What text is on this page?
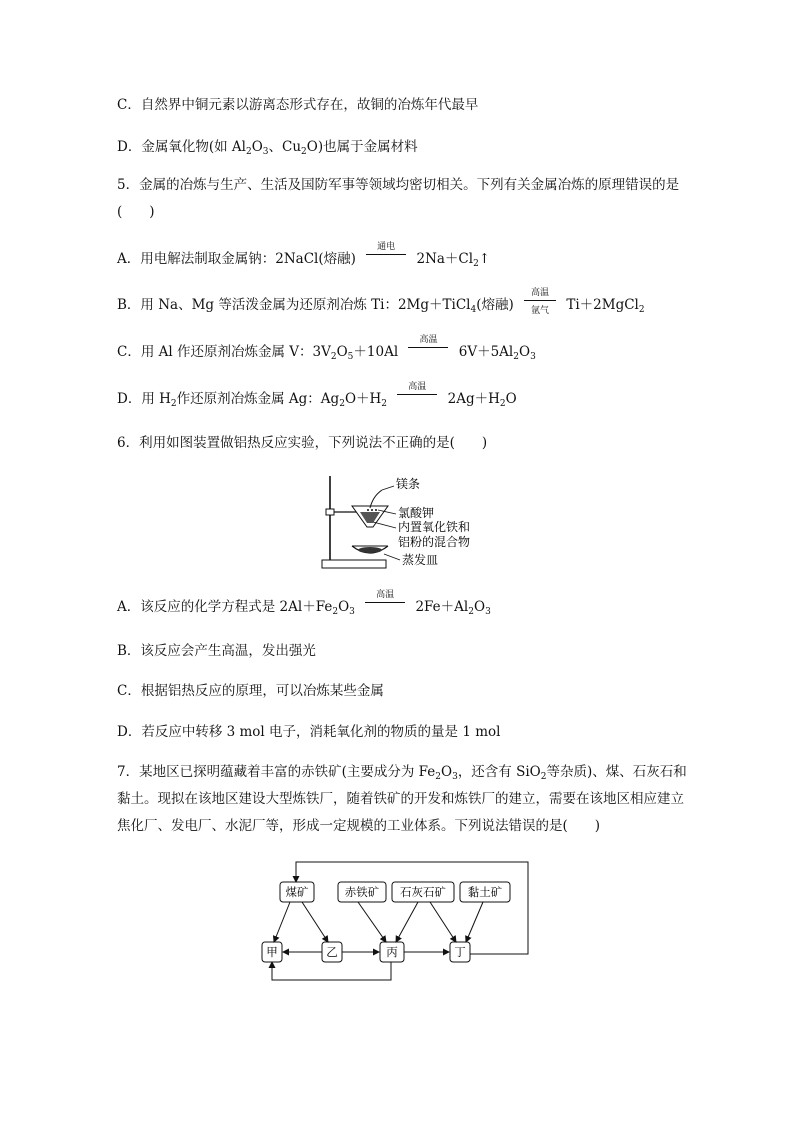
C．自然界中铜元素以游离态形式存在，故铜的冶炼年代最早
D．金属氧化物(如 $Al_2O_3$、$Cu_2O$)也属于金属材料
5．金属的冶炼与生产、生活及国防军事等领域均密切相关。下列有关金属冶炼的原理错误的是(　　)
A．用电解法制取金属钠：2NaCl(熔融)
通电
$2Na+Cl_2↑$
B．用 Na、Mg 等活泼金属为还原剂冶炼 Ti：2Mg＋TiCl$_4$(熔融)
高温
氩气	Ti＋2MgCl$_2$
C．用 Al 作还原剂冶炼金属 V：$3V_2O_5+10Al$
高温
$6V+5Al_2O_3$
D．用 $H_2$作还原剂冶炼金属 Ag：$Ag_2O+H_2$
高温
$2Ag+H_2O$
6．利用如图装置做铝热反应实验，下列说法不正确的是(　　)
镁条
氯酸钾
内置氧化铁和
铝粉的混合物
蒸发皿
A．该反应的化学方程式是 $2Al+Fe_2O_3$
高温
$2Fe+Al_2O_3$
B．该反应会产生高温，发出强光
C．根据铝热反应的原理，可以冶炼某些金属
D．若反应中转移 3 mol 电子，消耗氧化剂的物质的量是 1 mol
7．某地区已探明蕴藏着丰富的赤铁矿(主要成分为 $Fe_2O_3$，还含有 SiO$_2$等杂质)、煤、石灰石和黏土。现拟在该地区建设大型炼铁厂，随着铁矿的开发和炼铁厂的建立，需要在该地区相应建立焦化厂、发电厂、水泥厂等，形成一定规模的工业体系。下列说法错误的是(　　)
煤矿	赤铁矿 石灰石矿 黏土矿
甲	乙	丙	丁
